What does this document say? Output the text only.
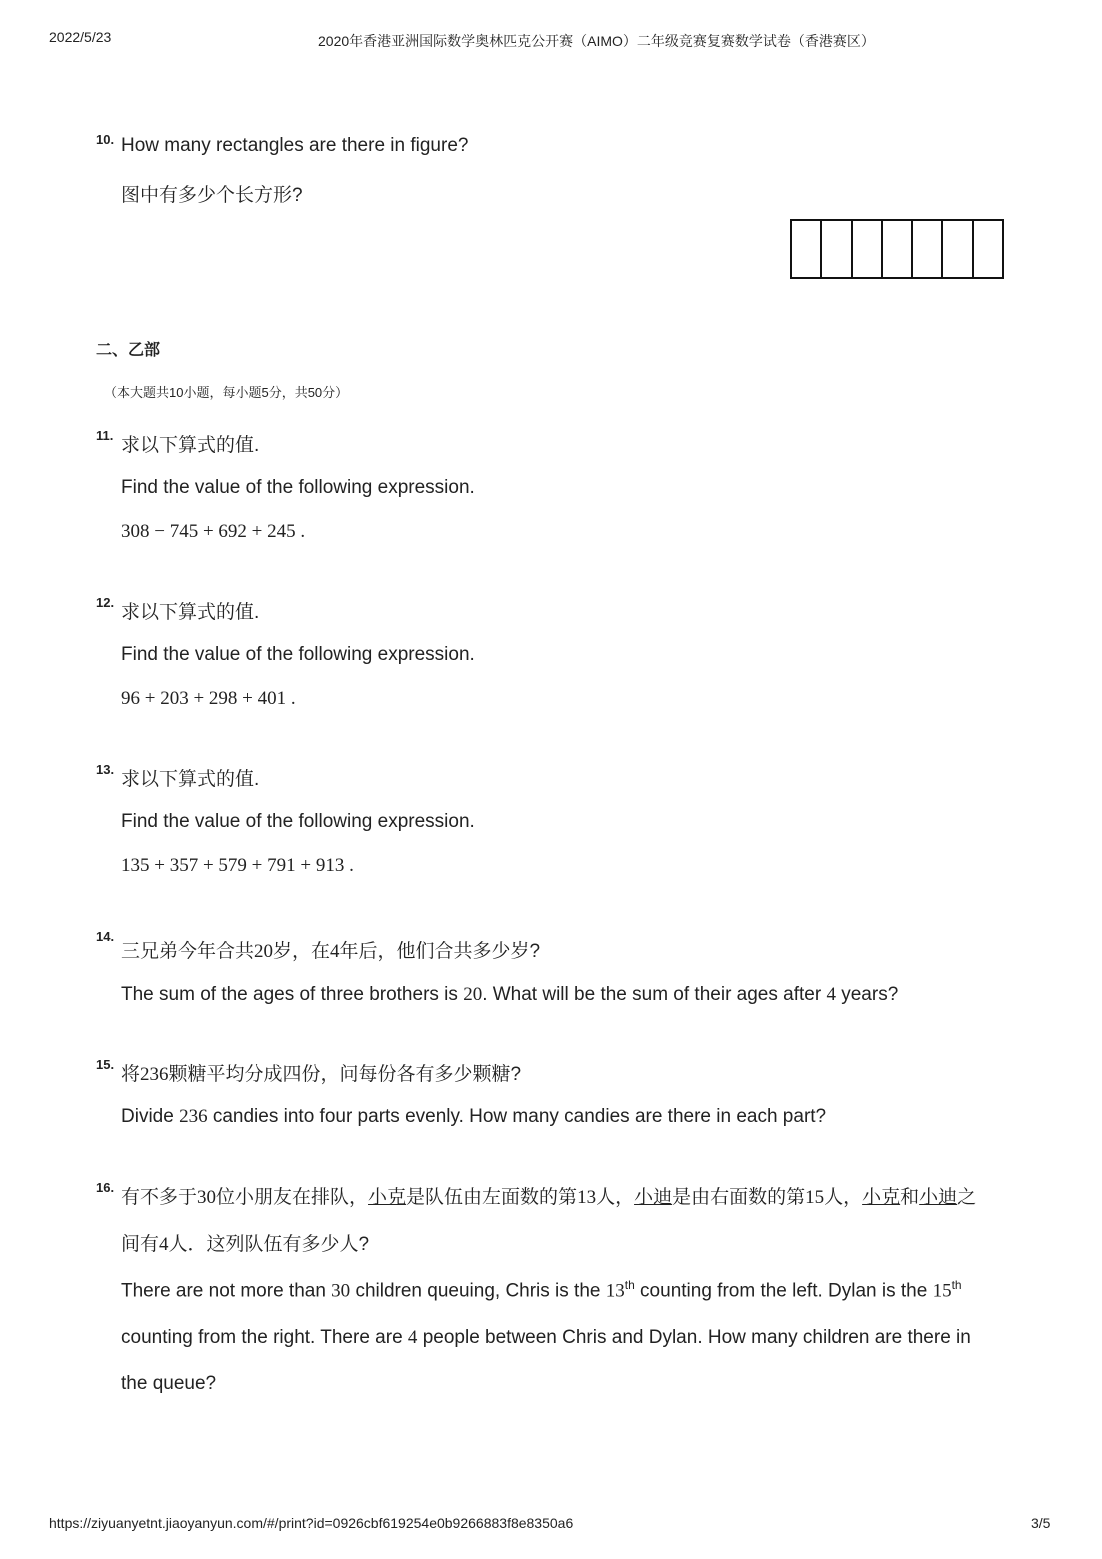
2022/5/23	2020年香港亚洲国际数学奥林匹克公开赛（AIMO）二年级竞赛复赛数学试卷（香港赛区）
10. How many rectangles are there in figure?
图中有多少个长方形?
二、乙部
（本大题共10小题，每小题5分，共50分）
11. 求以下算式的值.
Find the value of the following expression.
308 − 745 + 692 + 245 .
12. 求以下算式的值.
Find the value of the following expression.
96 + 203 + 298 + 401 .
13. 求以下算式的值.
Find the value of the following expression.
135 + 357 + 579 + 791 + 913 .
14.
三兄弟今年合共20岁，在4年后，他们合共多少岁?
The sum of the ages of three brothers is 20. What will be the sum of their ages after 4 years?
15. 将236颗糖平均分成四份，问每份各有多少颗糖?
Divide 236 candies into four parts evenly. How many candies are there in each part?
16. 有不多于30位小朋友在排队，小克是队伍由左面数的第13人，小迪是由右面数的第15人，小克和小迪之
间有4人．这列队伍有多少人?
There are not more than 30 children queuing, Chris is the 13th counting from the left. Dylan is the 15th
counting from the right. There are 4 people between Chris and Dylan. How many children are there in
the queue?
https://ziyuanyetnt.jiaoyanyun.com/#/print?id=0926cbf619254e0b9266883f8e8350a6	3/5
